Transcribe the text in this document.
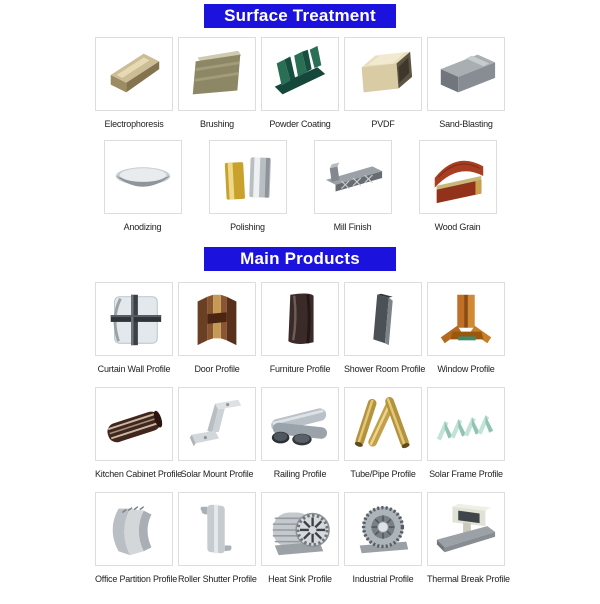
Surface Treatment
Electrophoresis	Brushing	Powder Coating	PVDF	Sand-Blasting
Anodizing	Polishing	Mill Finish	Wood Grain
Main Products
Curtain Wall Profile	Door Profile	Furniture Profile	Shower Room Profile	Window Profile
Kitchen Cabinet Profile
Solar Mount Profile	Railing Profile	Tube/Pipe Profile	Solar Frame Profile
Office Partition Profile Roller Shutter Profile	Heat Sink Profile	Industrial Profile	Thermal Break Profile
